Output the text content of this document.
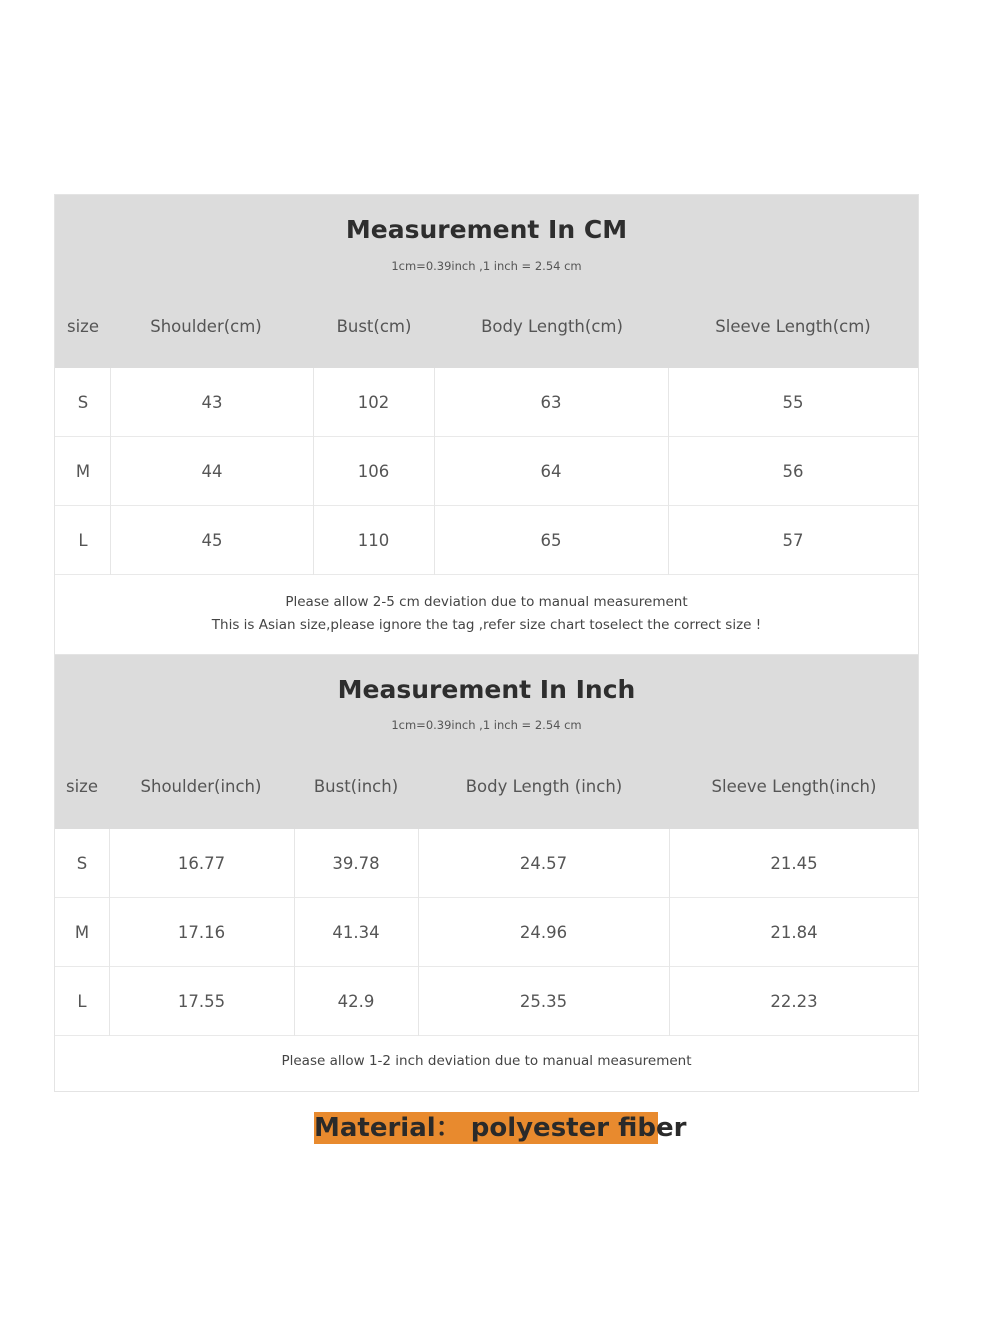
Measurement In CM
1cm=0.39inch ,1 inch = 2.54 cm
size	Shoulder(cm)	Bust(cm)	Body Length(cm)	Sleeve Length(cm)
S	43	102	63	55
M	44	106	64	56
L	45	110	65	57
Please allow 2-5 cm deviation due to manual measurement
This is Asian size,please ignore the tag ,refer size chart toselect the correct size !
Measurement In Inch
1cm=0.39inch ,1 inch = 2.54 cm
size	Shoulder(inch)	Bust(inch)	Body Length (inch)	Sleeve Length(inch)
S	16.77	39.78	24.57	21.45
M	17.16	41.34	24.96	21.84
L	17.55	42.9	25.35	22.23
Please allow 1-2 inch deviation due to manual measurement
Material： polyester fiber
